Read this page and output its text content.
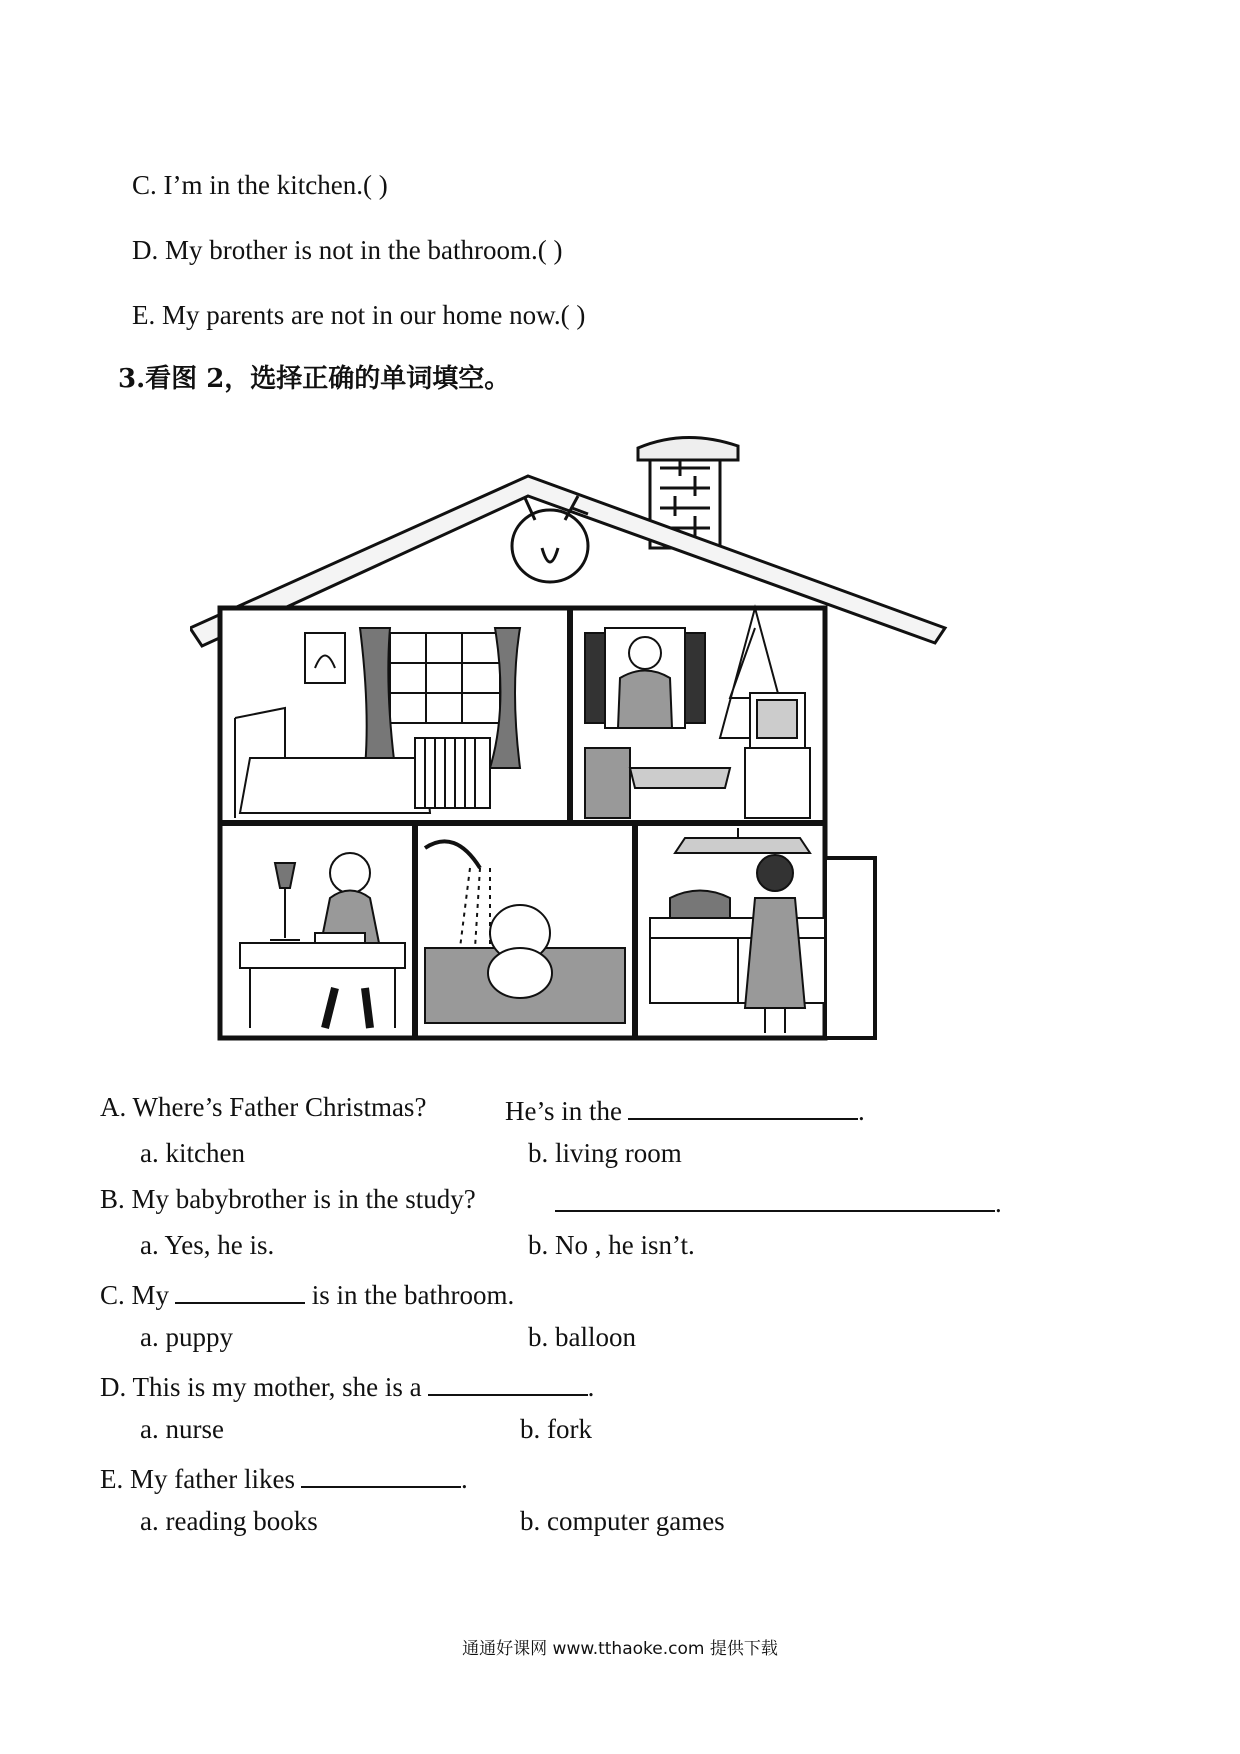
C. I’m in the kitchen.( )
D. My brother is not in the bathroom.( )
E. My parents are not in our home now.( )
3.看图 2，选择正确的单词填空。
A. Where’s Father Christmas?	He’s in the	.
a. kitchen	b. living room
B. My babybrother is in the study?	.
a. Yes, he is.	b. No , he isn’t.
C. My	is in the bathroom.
a. puppy	b. balloon
D. This is my mother, she is a	.
a. nurse	b. fork
E. My father likes	.
a. reading books	b. computer games
通通好课网 www.tthaoke.com 提供下载
